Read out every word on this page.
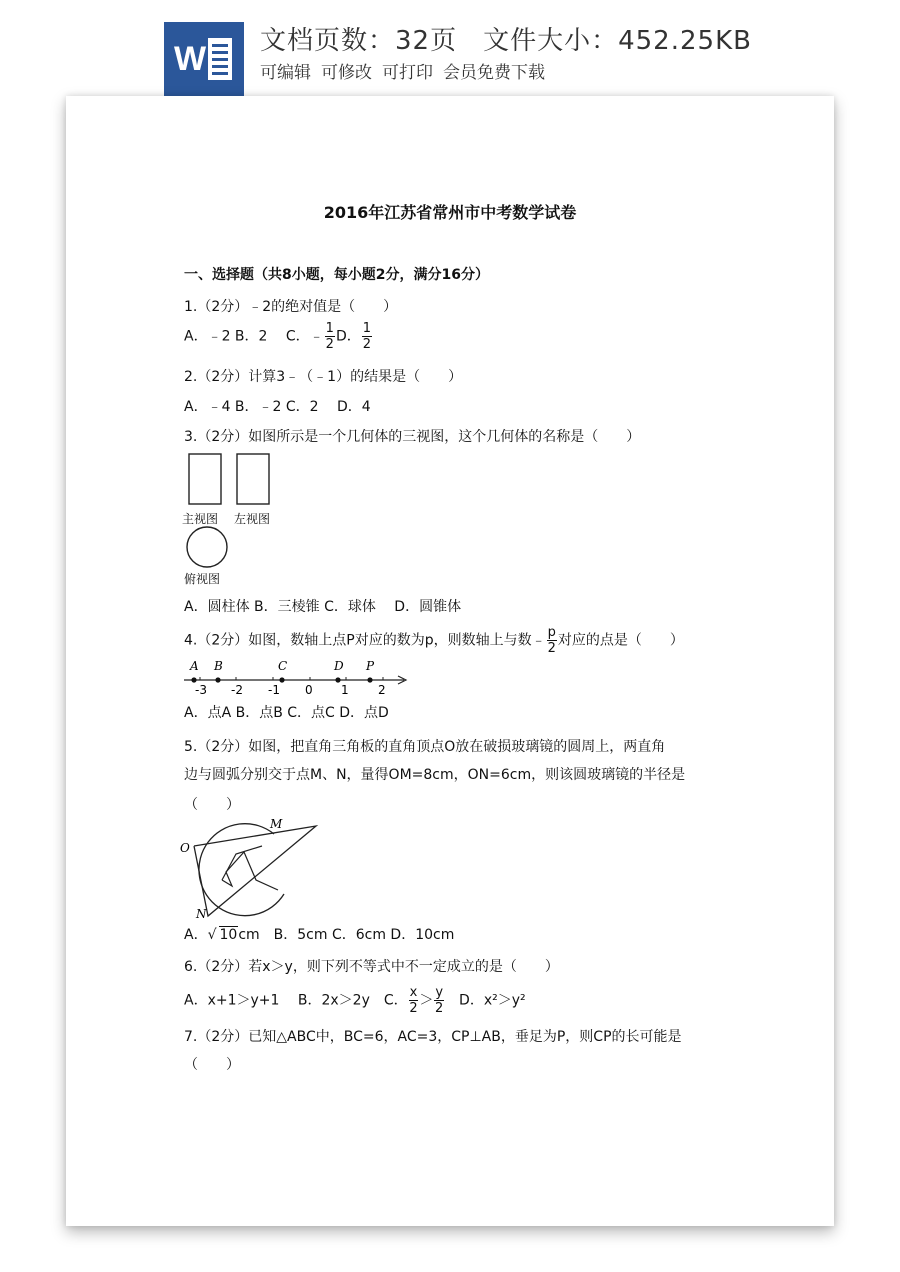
W 文档页数：32页 文件大小：452.25KB
可编辑 可修改 可打印 会员免费下载
2016年江苏省常州市中考数学试卷
一、选择题（共8小题，每小题2分，满分16分）
1.（2分）﹣2的绝对值是（　　）
A．﹣2 B．2　 C．﹣ $\frac{1}{2}$ D． $\frac{1}{2}$
2.（2分）计算3﹣（﹣1）的结果是（　　）
A．﹣4 B．﹣2 C．2　 D．4
3.（2分）如图所示是一个几何体的三视图，这个几何体的名称是（　　）
主视图 左视图
俯视图
A．圆柱体 B．三棱锥 C．球体　 D．圆锥体
4.（2分）如图，数轴上点P对应的数为p，则数轴上与数﹣ $\frac{p}{2}$ 对应的点是（　　）
-3 -2 -1 0 1 2
A B	C	D P
A．点A B．点B C．点C D．点D
5.（2分）如图，把直角三角板的直角顶点O放在破损玻璃镜的圆周上，两直角
边与圆弧分别交于点M、N，量得OM=8cm，ON=6cm，则该圆玻璃镜的半径是
（　　）
O
M
N
A．√ 10cm　B．5cm C．6cm D．10cm
6.（2分）若x＞y，则下列不等式中不一定成立的是（　　）
A．x+1＞y+1　 B．2x＞2y　C． $\frac{x}{2} > \frac{y}{2}$ 　D．x²＞y²
7.（2分）已知△ABC中，BC=6，AC=3，CP⊥AB，垂足为P，则CP的长可能是
（　　）
